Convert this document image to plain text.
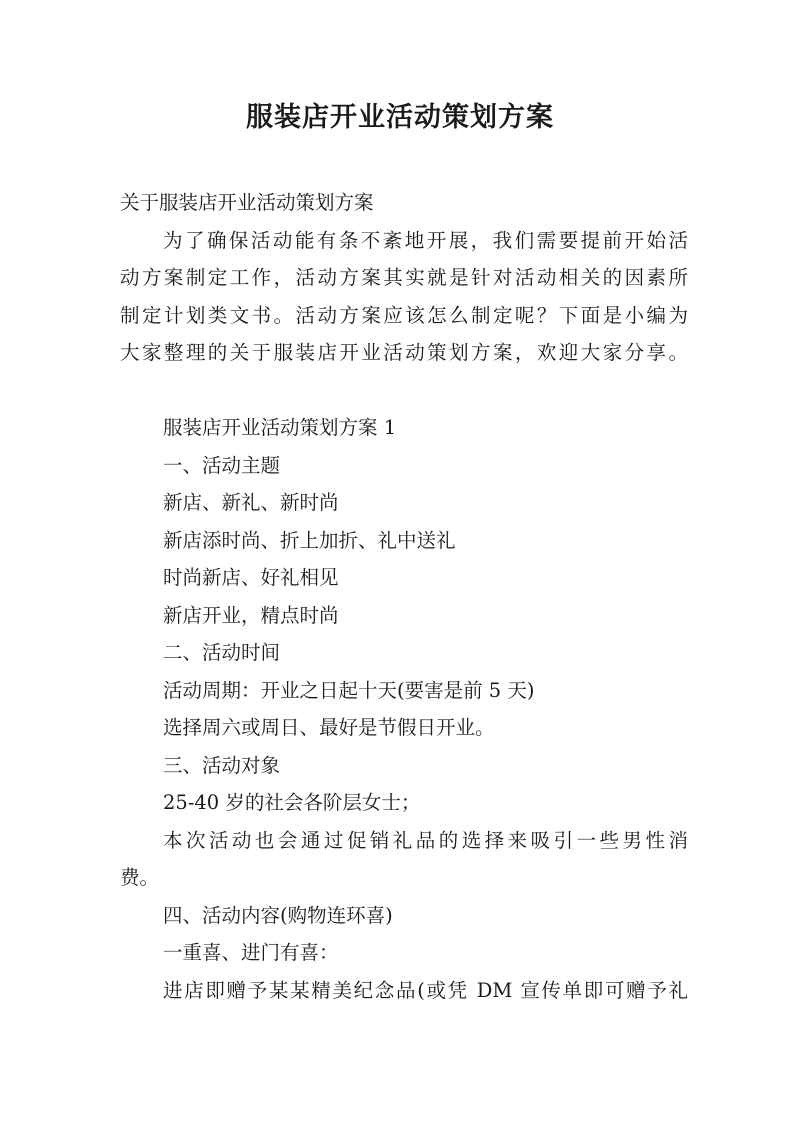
服装店开业活动策划方案
关于服装店开业活动策划方案
为了确保活动能有条不紊地开展，我们需要提前开始活
动方案制定工作，活动方案其实就是针对活动相关的因素所
制定计划类文书。活动方案应该怎么制定呢？下面是小编为
大家整理的关于服装店开业活动策划方案，欢迎大家分享。
服装店开业活动策划方案 1
一、活动主题
新店、新礼、新时尚
新店添时尚、折上加折、礼中送礼
时尚新店、好礼相见
新店开业，精点时尚
二、活动时间
活动周期：开业之日起十天(要害是前 5 天)
选择周六或周日、最好是节假日开业。
三、活动对象
25-40 岁的社会各阶层女士；
本次活动也会通过促销礼品的选择来吸引一些男性消
费。
四、活动内容(购物连环喜)
一重喜、进门有喜：
进店即赠予某某精美纪念品(或凭 DM 宣传单即可赠予礼
